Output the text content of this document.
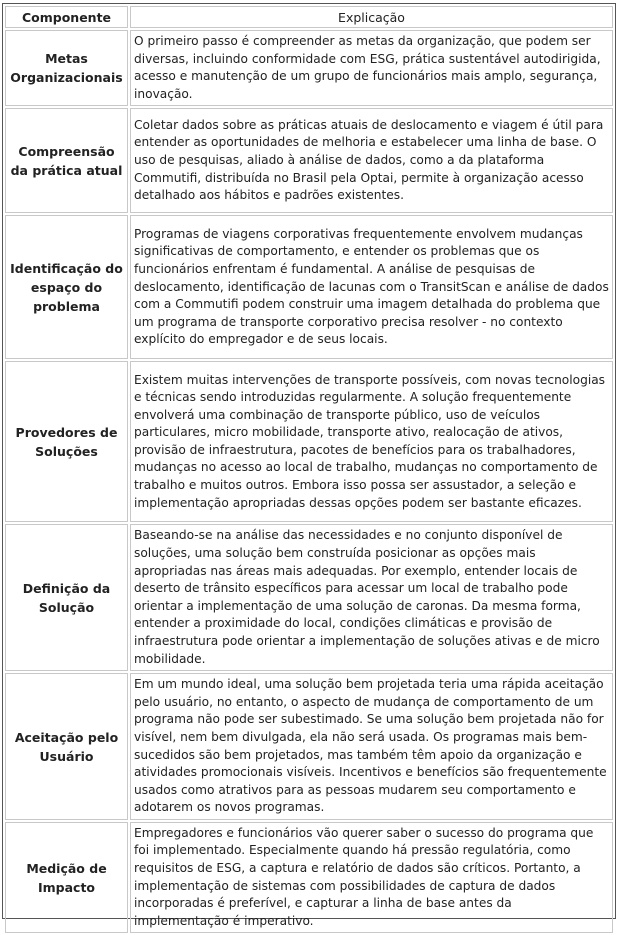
Componente	Explicação
Metas Organizacionais	O primeiro passo é compreender as metas da organização, que podem ser diversas, incluindo conformidade com ESG, prática sustentável autodirigida, acesso e manutenção de um grupo de funcionários mais amplo, segurança, inovação.
Compreensão da prática atual	Coletar dados sobre as práticas atuais de deslocamento e viagem é útil para entender as oportunidades de melhoria e estabelecer uma linha de base. O uso de pesquisas, aliado à análise de dados, como a da plataforma Commutifi, distribuída no Brasil pela Optai, permite à organização acesso detalhado aos hábitos e padrões existentes.
Identificação do espaço do problema	Programas de viagens corporativas frequentemente envolvem mudanças significativas de comportamento, e entender os problemas que os funcionários enfrentam é fundamental. A análise de pesquisas de deslocamento, identificação de lacunas com o TransitScan e análise de dados com a Commutifi podem construir uma imagem detalhada do problema que um programa de transporte corporativo precisa resolver - no contexto explícito do empregador e de seus locais.
Provedores de Soluções	Existem muitas intervenções de transporte possíveis, com novas tecnologias e técnicas sendo introduzidas regularmente. A solução frequentemente envolverá uma combinação de transporte público, uso de veículos particulares, micro mobilidade, transporte ativo, realocação de ativos, provisão de infraestrutura, pacotes de benefícios para os trabalhadores, mudanças no acesso ao local de trabalho, mudanças no comportamento de trabalho e muitos outros. Embora isso possa ser assustador, a seleção e implementação apropriadas dessas opções podem ser bastante eficazes.
Definição da Solução	Baseando-se na análise das necessidades e no conjunto disponível de soluções, uma solução bem construída posicionar as opções mais apropriadas nas áreas mais adequadas. Por exemplo, entender locais de deserto de trânsito específicos para acessar um local de trabalho pode orientar a implementação de uma solução de caronas. Da mesma forma, entender a proximidade do local, condições climáticas e provisão de infraestrutura pode orientar a implementação de soluções ativas e de micro mobilidade.
Aceitação pelo Usuário	Em um mundo ideal, uma solução bem projetada teria uma rápida aceitação pelo usuário, no entanto, o aspecto de mudança de comportamento de um programa não pode ser subestimado. Se uma solução bem projetada não for visível, nem bem divulgada, ela não será usada. Os programas mais bem-sucedidos são bem projetados, mas também têm apoio da organização e atividades promocionais visíveis. Incentivos e benefícios são frequentemente usados como atrativos para as pessoas mudarem seu comportamento e adotarem os novos programas.
Medição de Impacto	Empregadores e funcionários vão querer saber o sucesso do programa que foi implementado. Especialmente quando há pressão regulatória, como requisitos de ESG, a captura e relatório de dados são críticos. Portanto, a implementação de sistemas com possibilidades de captura de dados incorporadas é preferível, e capturar a linha de base antes da implementação é imperativo.
